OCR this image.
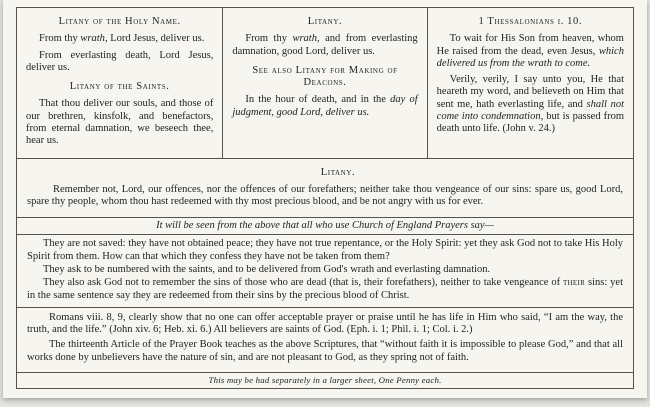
Litany of the Holy Name.

From thy wrath, Lord Jesus, deliver us.

From everlasting death, Lord Jesus, deliver us.

Litany of the Saints.

That thou deliver our souls, and those of our brethren, kinsfolk, and benefactors, from eternal damnation, we beseech thee, hear us.

Litany.

From thy wrath, and from everlasting damnation, good Lord, deliver us.

See also Litany for Making of Deacons.

In the hour of death, and in the day of judgment, good Lord, deliver us.

1 Thessalonians i. 10.

To wait for His Son from heaven, whom He raised from the dead, even Jesus, which delivered us from the wrath to come.

Verily, verily, I say unto you, He that heareth my word, and believeth on Him that sent me, hath everlasting life, and shall not come into condemnation, but is passed from death unto life. (John v. 24.)

Litany.

Remember not, Lord, our offences, nor the offences of our forefathers; neither take thou vengeance of our sins: spare us, good Lord, spare thy people, whom thou hast redeemed with thy most precious blood, and be not angry with us for ever.

It will be seen from the above that all who use Church of England Prayers say—

They are not saved: they have not obtained peace; they have not true repentance, or the Holy Spirit: yet they ask God not to take His Holy Spirit from them. How can that which they confess they have not be taken from them?

They ask to be numbered with the saints, and to be delivered from God's wrath and everlasting damnation.

They also ask God not to remember the sins of those who are dead (that is, their forefathers), neither to take vengeance of their sins: yet in the same sentence say they are redeemed from their sins by the precious blood of Christ.

Romans viii. 8, 9, clearly show that no one can offer acceptable prayer or praise until he has life in Him who said, “I am the way, the truth, and the life.” (John xiv. 6; Heb. xi. 6.) All believers are saints of God. (Eph. i. 1; Phil. i. 1; Col. i. 2.)

The thirteenth Article of the Prayer Book teaches as the above Scriptures, that “without faith it is impossible to please God,” and that all works done by unbelievers have the nature of sin, and are not pleasant to God, as they spring not of faith.

This may be had separately in a larger sheet, One Penny each.
